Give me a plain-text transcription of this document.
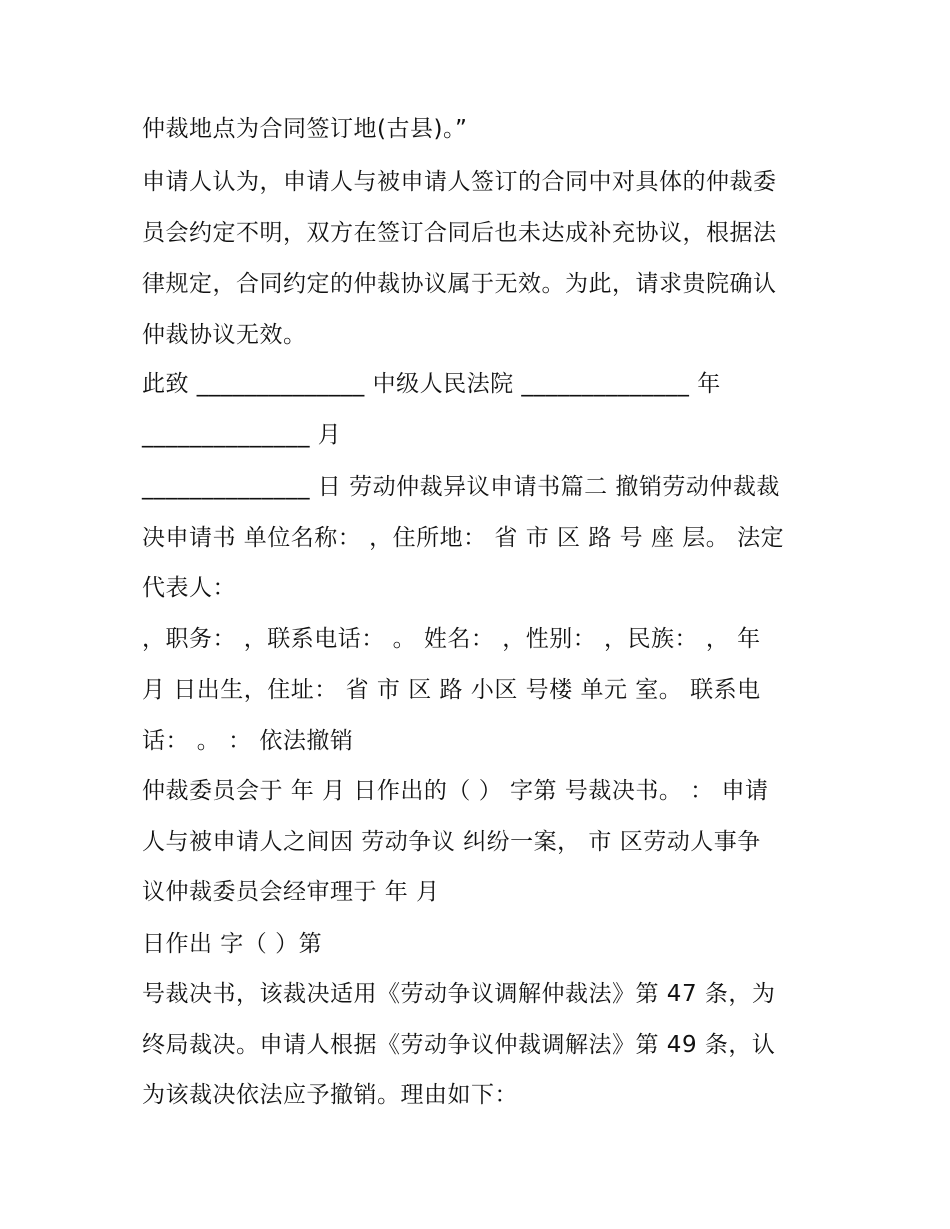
仲裁地点为合同签订地(古县)。”
申请人认为，申请人与被申请人签订的合同中对具体的仲裁委
员会约定不明，双方在签订合同后也未达成补充协议，根据法
律规定，合同约定的仲裁协议属于无效。为此，请求贵院确认
仲裁协议无效。
此致 ______________ 中级人民法院 ______________ 年
______________ 月
______________ 日 劳动仲裁异议申请书篇二 撤销劳动仲裁裁
决申请书 单位名称： ，住所地： 省 市 区 路 号 座 层。 法定
代表人：
，职务： ，联系电话： 。 姓名： ，性别： ，民族： ， 年
月 日出生，住址： 省 市 区 路 小区 号楼 单元 室。 联系电
话： 。 ： 依法撤销
仲裁委员会于 年 月 日作出的（ ） 字第 号裁决书。 ： 申请
人与被申请人之间因 劳动争议 纠纷一案， 市 区劳动人事争
议仲裁委员会经审理于 年 月
日作出 字（ ）第
号裁决书，该裁决适用《劳动争议调解仲裁法》第 47 条，为
终局裁决。申请人根据《劳动争议仲裁调解法》第 49 条，认
为该裁决依法应予撤销。理由如下：
